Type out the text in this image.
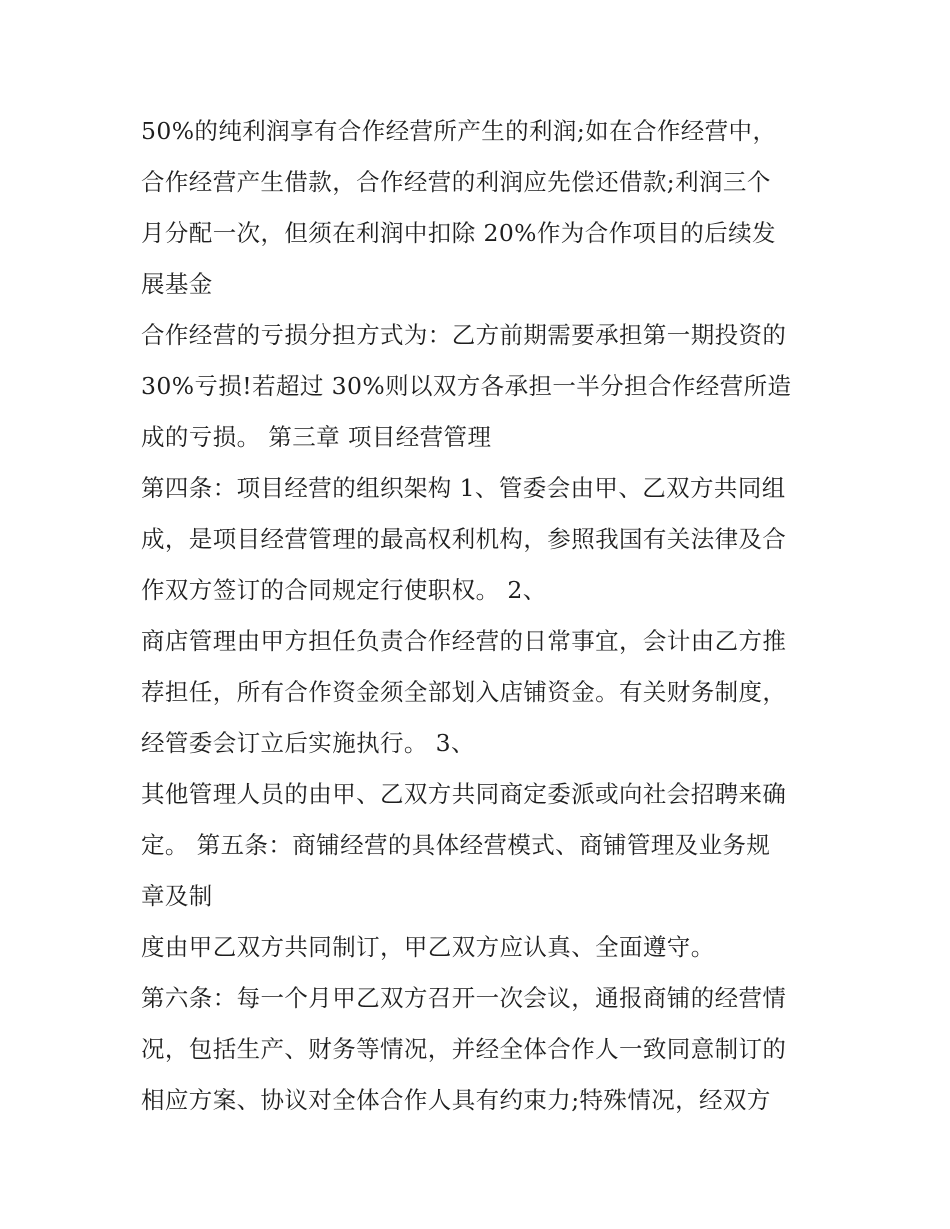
50%的纯利润享有合作经营所产生的利润;如在合作经营中，
合作经营产生借款，合作经营的利润应先偿还借款;利润三个
月分配一次，但须在利润中扣除 20%作为合作项目的后续发
展基金
合作经营的亏损分担方式为：乙方前期需要承担第一期投资的
30%亏损!若超过 30%则以双方各承担一半分担合作经营所造
成的亏损。 第三章 项目经营管理
第四条：项目经营的组织架构 1、管委会由甲、乙双方共同组
成，是项目经营管理的最高权利机构，参照我国有关法律及合
作双方签订的合同规定行使职权。 2、
商店管理由甲方担任负责合作经营的日常事宜，会计由乙方推
荐担任，所有合作资金须全部划入店铺资金。有关财务制度，
经管委会订立后实施执行。 3、
其他管理人员的由甲、乙双方共同商定委派或向社会招聘来确
定。 第五条：商铺经营的具体经营模式、商铺管理及业务规
章及制
度由甲乙双方共同制订，甲乙双方应认真、全面遵守。
第六条：每一个月甲乙双方召开一次会议，通报商铺的经营情
况，包括生产、财务等情况，并经全体合作人一致同意制订的
相应方案、协议对全体合作人具有约束力;特殊情况，经双方
